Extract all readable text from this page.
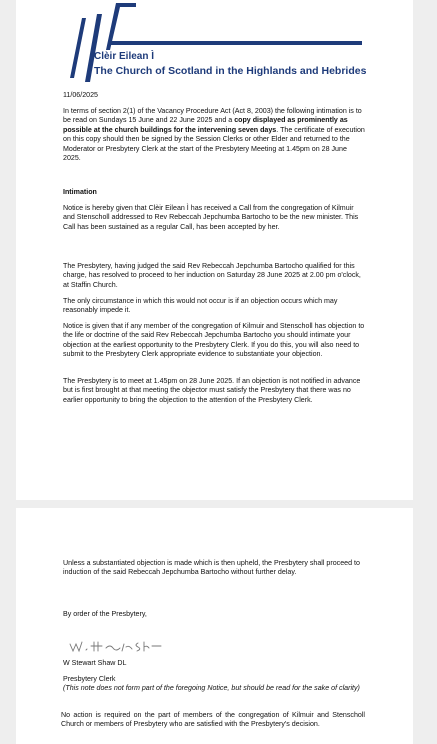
Clèir Eilean Ì
The Church of Scotland in the Highlands and Hebrides
11/06/2025

In terms of section 2(1) of the Vacancy Procedure Act (Act 8, 2003) the following intimation is to be read on Sundays 15 June and 22 June 2025 and a copy displayed as prominently as possible at the church buildings for the intervening seven days. The certificate of execution on this copy should then be signed by the Session Clerks or other Elder and returned to the Moderator or Presbytery Clerk at the start of the Presbytery Meeting at 1.45pm on 28 June 2025.

Intimation
Notice is hereby given that Clèir Eilean Ì has received a Call from the congregation of Kilmuir and Stenscholl addressed to Rev Rebeccah Jepchumba Bartocho to be the new minister. This Call has been sustained as a regular Call, has been accepted by her.
The Presbytery, having judged the said Rev Rebeccah Jepchumba Bartocho qualified for this charge, has resolved to proceed to her induction on Saturday 28 June 2025 at 2.00 pm o'clock, at Staffin Church.
The only circumstance in which this would not occur is if an objection occurs which may reasonably impede it.
Notice is given that if any member of the congregation of Kilmuir and Stenscholl has objection to the life or doctrine of the said Rev Rebeccah Jepchumba Bartocho you should intimate your objection at the earliest opportunity to the Presbytery Clerk. If you do this, you will also need to submit to the Presbytery Clerk appropriate evidence to substantiate your objection.
The Presbytery is to meet at 1.45pm on 28 June 2025. If an objection is not notified in advance but is first brought at that meeting the objector must satisfy the Presbytery that there was no earlier opportunity to bring the objection to the attention of the Presbytery Clerk.
Unless a substantiated objection is made which is then upheld, the Presbytery shall proceed to induction of the said Rebeccah Jepchumba Bartocho without further delay.
By order of the Presbytery,
W Stewart Shaw DL
Presbytery Clerk
(This note does not form part of the foregoing Notice, but should be read for the sake of clarity)
No action is required on the part of members of the congregation of Kilmuir and Stenscholl Church or members of Presbytery who are satisfied with the Presbytery's decision.
